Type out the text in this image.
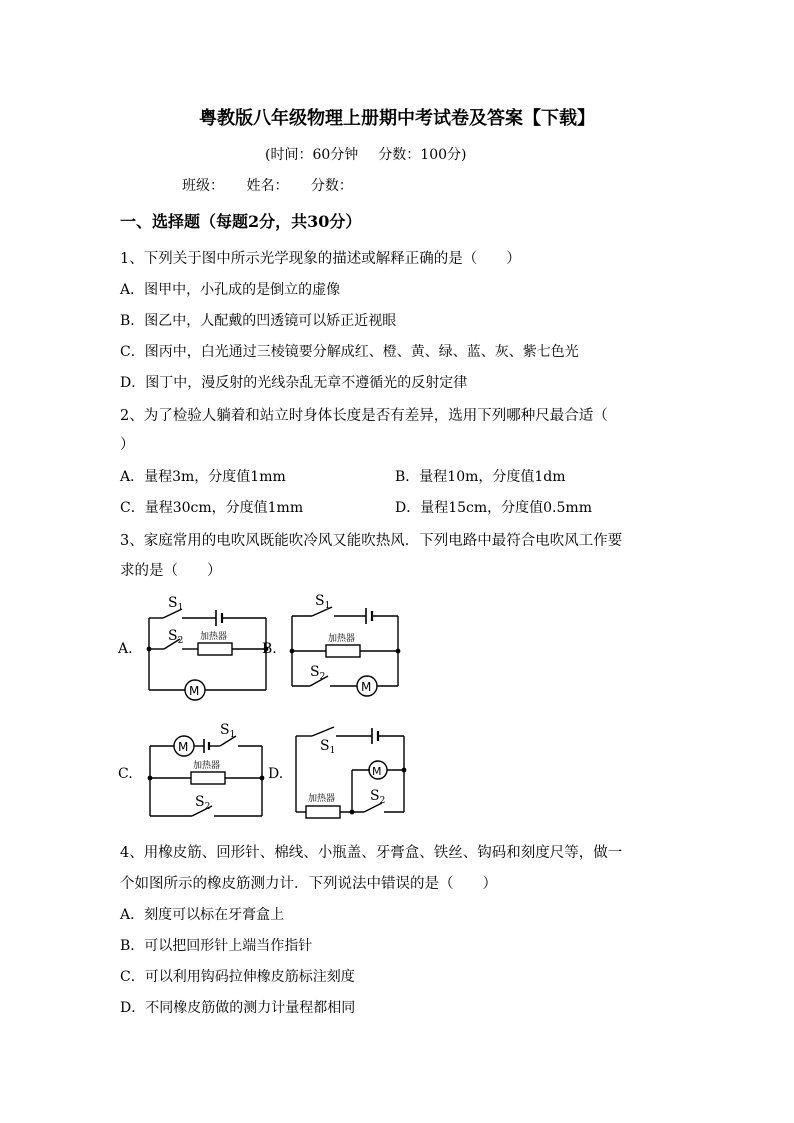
粤教版八年级物理上册期中考试卷及答案【下载】
(时间：60分钟 分数：100分)
班级： 姓名： 分数：
一、选择题（每题2分，共30分）
1、下列关于图中所示光学现象的描述或解释正确的是（　　）
A．图甲中，小孔成的是倒立的虚像
B．图乙中，人配戴的凹透镜可以矫正近视眼
C．图丙中，白光通过三棱镜要分解成红、橙、黄、绿、蓝、灰、紫七色光
D．图丁中，漫反射的光线杂乱无章不遵循光的反射定律
2、为了检验人躺着和站立时身体长度是否有差异，选用下列哪种尺最合适（
）
A．量程3m，分度值1mm	B．量程10m，分度值1dm
C．量程30cm，分度值1mm	D．量程15cm，分度值0.5mm
3、家庭常用的电吹风既能吹冷风又能吹热风．下列电路中最符合电吹风工作要
求的是（　　）
A.
$S_1$
$S_2$ 加热器
M
B.
$S_1$
加热器
$S_2$
M
C.
M
$S_1$
加热器
$S_2$
D.
$S_1$
M
加热器 $S_2$
4、用橡皮筋、回形针、棉线、小瓶盖、牙膏盒、铁丝、钩码和刻度尺等，做一
个如图所示的橡皮筋测力计．下列说法中错误的是（　　）
A．刻度可以标在牙膏盒上
B．可以把回形针上端当作指针
C．可以利用钩码拉伸橡皮筋标注刻度
D．不同橡皮筋做的测力计量程都相同
